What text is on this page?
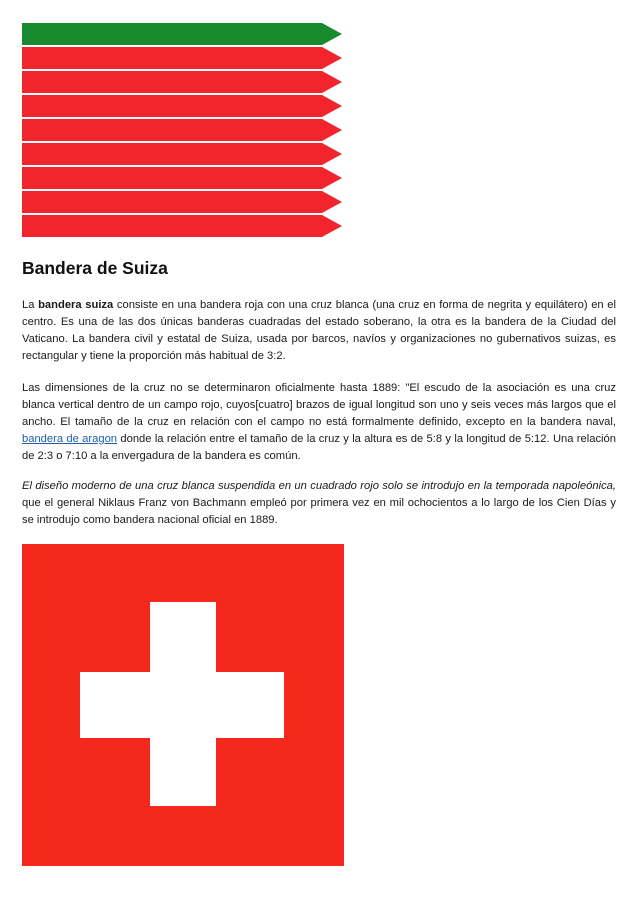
Bandera de Suiza

La bandera suiza consiste en una bandera roja con una cruz blanca (una cruz en forma de negrita y equilátero) en el centro. Es una de las dos únicas banderas cuadradas del estado soberano, la otra es la bandera de la Ciudad del Vaticano. La bandera civil y estatal de Suiza, usada por barcos, navíos y organizaciones no gubernativos suizas, es rectangular y tiene la proporción más habitual de 3:2.

Las dimensiones de la cruz no se determinaron oficialmente hasta 1889: "El escudo de la asociación es una cruz blanca vertical dentro de un campo rojo, cuyos[cuatro] brazos de igual longitud son uno y seis veces más largos que el ancho. El tamaño de la cruz en relación con el campo no está formalmente definido, excepto en la bandera naval, bandera de aragon donde la relación entre el tamaño de la cruz y la altura es de 5:8 y la longitud de 5:12. Una relación de 2:3 o 7:10 a la envergadura de la bandera es común.

El diseño moderno de una cruz blanca suspendida en un cuadrado rojo solo se introdujo en la temporada napoleónica, que el general Niklaus Franz von Bachmann empleó por primera vez en mil ochocientos a lo largo de los Cien Días y se introdujo como bandera nacional oficial en 1889.
